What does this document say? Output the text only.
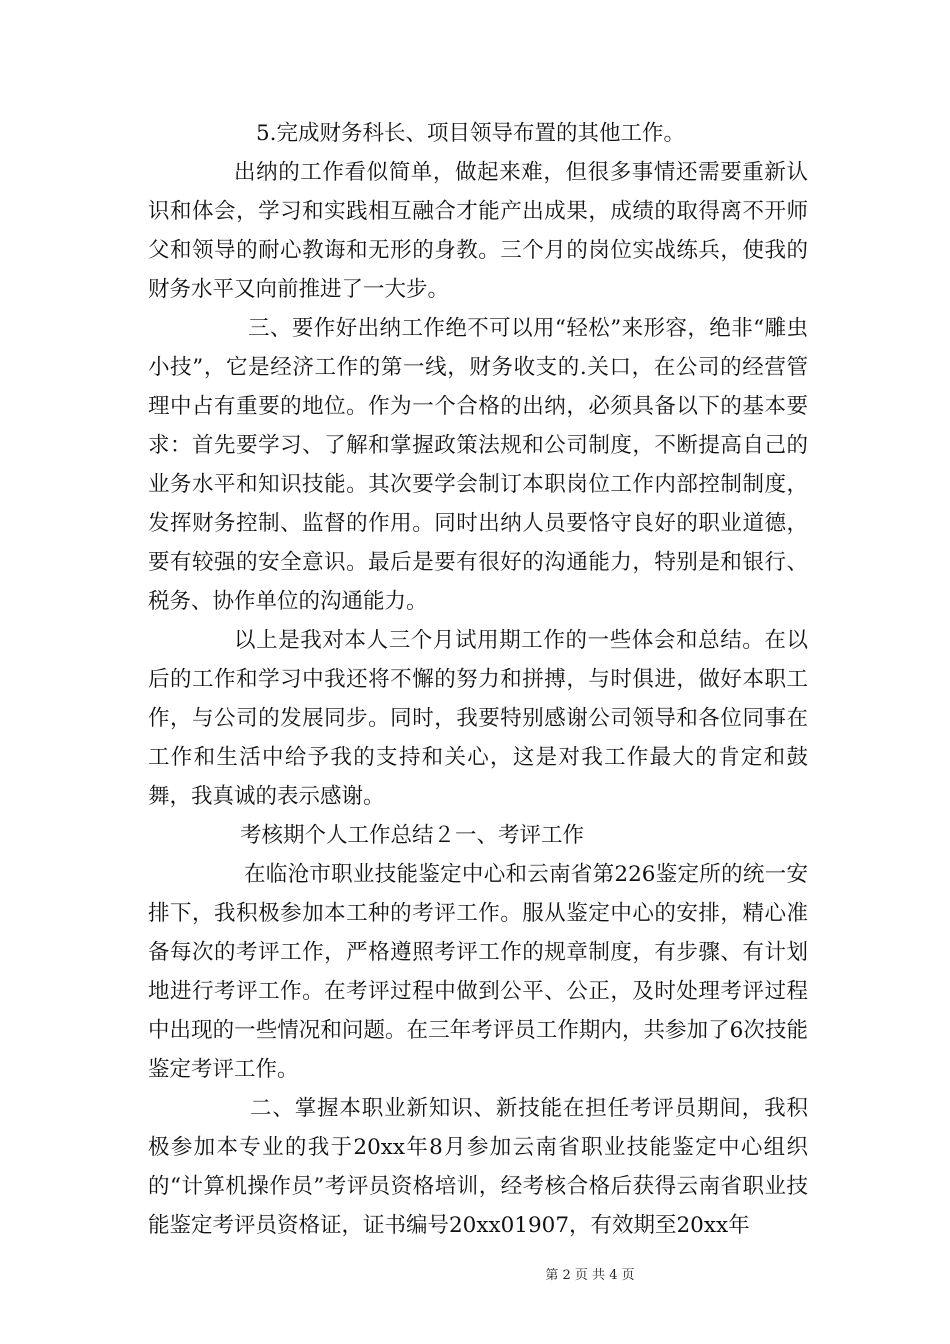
5.完成财务科长、项目领导布置的其他工作。

出纳的工作看似简单，做起来难，但很多事情还需要重新认识和体会，学习和实践相互融合才能产出成果，成绩的取得离不开师父和领导的耐心教诲和无形的身教。三个月的岗位实战练兵，使我的财务水平又向前推进了一大步。

三、要作好出纳工作绝不可以用“轻松”来形容，绝非“雕虫小技”，它是经济工作的第一线，财务收支的.关口，在公司的经营管理中占有重要的地位。作为一个合格的出纳，必须具备以下的基本要求：首先要学习、了解和掌握政策法规和公司制度，不断提高自己的业务水平和知识技能。其次要学会制订本职岗位工作内部控制制度，发挥财务控制、监督的作用。同时出纳人员要恪守良好的职业道德，要有较强的安全意识。最后是要有很好的沟通能力，特别是和银行、税务、协作单位的沟通能力。

以上是我对本人三个月试用期工作的一些体会和总结。在以后的工作和学习中我还将不懈的努力和拼搏，与时俱进，做好本职工作，与公司的发展同步。同时，我要特别感谢公司领导和各位同事在工作和生活中给予我的支持和关心，这是对我工作最大的肯定和鼓舞，我真诚的表示感谢。

考核期个人工作总结２一、考评工作

在临沧市职业技能鉴定中心和云南省第226鉴定所的统一安排下，我积极参加本工种的考评工作。服从鉴定中心的安排，精心准备每次的考评工作，严格遵照考评工作的规章制度，有步骤、有计划地进行考评工作。在考评过程中做到公平、公正，及时处理考评过程中出现的一些情况和问题。在三年考评员工作期内，共参加了6次技能鉴定考评工作。

二、掌握本职业新知识、新技能在担任考评员期间，我积极参加本专业的我于20xx年8月参加云南省职业技能鉴定中心组织的“计算机操作员”考评员资格培训，经考核合格后获得云南省职业技能鉴定考评员资格证，证书编号20xx01907，有效期至20xx年

第 2 页 共 4 页
